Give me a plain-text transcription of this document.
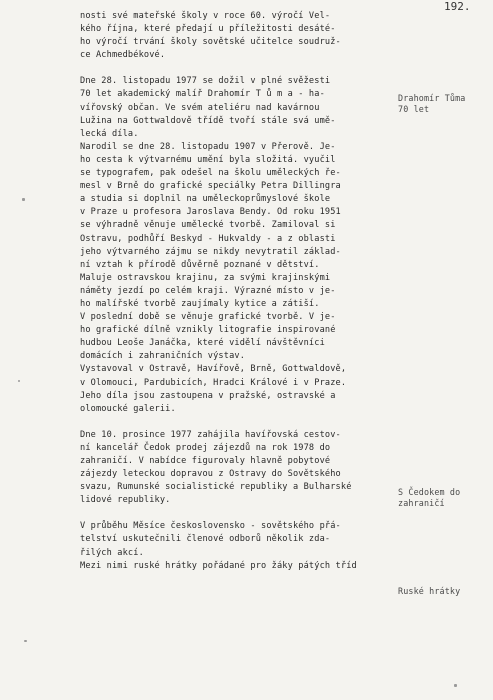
192.
nosti své mateřské školy v roce 60. výročí Vel-
kého října, které předají u příležitosti desáté-
ho výročí trvání školy sovětské učitelce soudruž-
ce Achmedbékové.
Dne 28. listopadu 1977 se dožil v plné svěžesti
70 let akademický malíř Drahomír T ů m a - ha-
vířovský občan. Ve svém ateliéru nad kavárnou
Lužina na Gottwaldově třídě tvoří stále svá umě-
lecká díla.
Narodil se dne 28. listopadu 1907 v Přerově. Je-
ho cesta k výtvarnému umění byla složitá. vyučil
se typografem, pak odešel na školu uměleckých ře-
mesl v Brně do grafické speciálky Petra Dillingra
a studia si doplnil na uměleckoprůmyslové škole
v Praze u profesora Jaroslava Bendy. Od roku 1951
se výhradně věnuje umělecké tvorbě. Zamiloval si
Ostravu, podhůří Beskyd - Hukvaldy - a z oblasti
jeho výtvarného zájmu se nikdy nevytratil základ-
ní vztah k přírodě důvěrně poznané v dětství.
Maluje ostravskou krajinu, za svými krajinskými
náměty jezdí po celém kraji. Výrazné místo v je-
ho malířské tvorbě zaujímaly kytice a zátiší.
V poslední době se věnuje grafické tvorbě. V je-
ho grafické dílně vznikly litografie inspirované
hudbou Leoše Janáčka, které vidělí návštěvníci
domácích i zahraničních výstav.
Vystavoval v Ostravě, Havířově, Brně, Gottwaldově,
v Olomouci, Pardubicích, Hradci Králové i v Praze.
Jeho díla jsou zastoupena v pražské, ostravské a
olomoucké galerii.
Dne 10. prosince 1977 zahájila havířovská cestov-
ní kancelář Čedok prodej zájezdů na rok 1978 do
zahraničí. V nabídce figurovaly hlavně pobytové
zájezdy leteckou dopravou z Ostravy do Sovětského
svazu, Rumunské socialistické republiky a Bulharské
lidové republiky.
V průběhu Měsíce československo - sovětského přá-
telství uskutečnili členové odborů několik zda-
řilých akcí.
Mezi nimi ruské hrátky pořádané pro žáky pátých tříd
Drahomír Tůma
70 let
S Čedokem do
zahraničí
Ruské hrátky
